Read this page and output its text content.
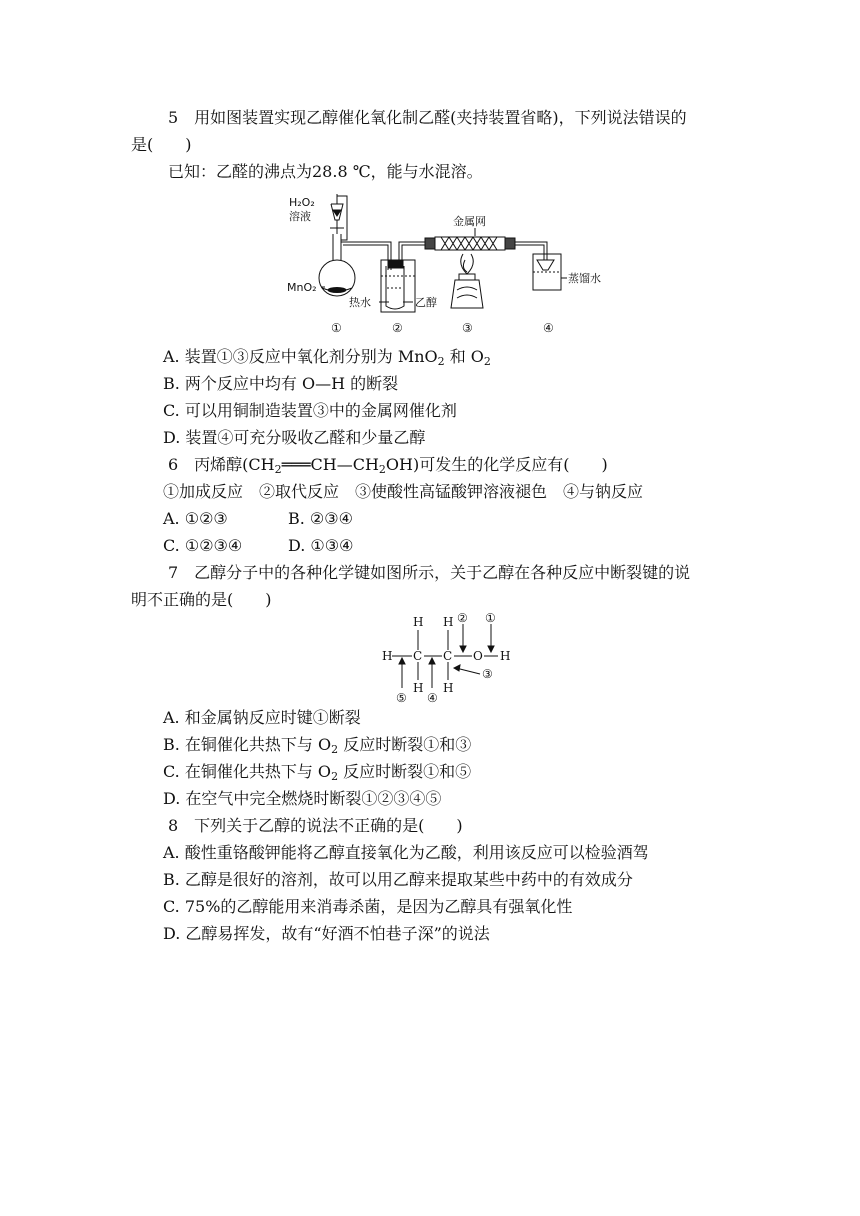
5　用如图装置实现乙醇催化氧化制乙醛(夹持装置省略)，下列说法错误的
是(　　)
已知：乙醛的沸点为28.8 ℃，能与水混溶。
H₂O₂
溶液
MnO₂
金属网
热水	乙醇
蒸馏水
①	②	③	④
A. 装置①③反应中氧化剂分别为 MnO$_2$ 和 $O_2$
B. 两个反应中均有 O—H 的断裂
C. 可以用铜制造装置③中的金属网催化剂
D. 装置④可充分吸收乙醛和少量乙醇
6　丙烯醇$(CH_2═══CH—CH_2OH)$可发生的化学反应有(　　)
①加成反应　②取代反应　③使酸性高锰酸钾溶液褪色　④与钠反应
A. ①②③	B. ②③④
C. ①②③④	D. ①③④
7　乙醇分子中的各种化学键如图所示，关于乙醇在各种反应中断裂键的说
明不正确的是(　　)
H H
H C C O H
H H
② ①
③
④
⑤
A. 和金属钠反应时键①断裂
B. 在铜催化共热下与 $O_2$ 反应时断裂①和③
C. 在铜催化共热下与 $O_2$ 反应时断裂①和⑤
D. 在空气中完全燃烧时断裂①②③④⑤
8　下列关于乙醇的说法不正确的是(　　)
A. 酸性重铬酸钾能将乙醇直接氧化为乙酸，利用该反应可以检验酒驾
B. 乙醇是很好的溶剂，故可以用乙醇来提取某些中药中的有效成分
C. 75%的乙醇能用来消毒杀菌，是因为乙醇具有强氧化性
D. 乙醇易挥发，故有“好酒不怕巷子深”的说法
